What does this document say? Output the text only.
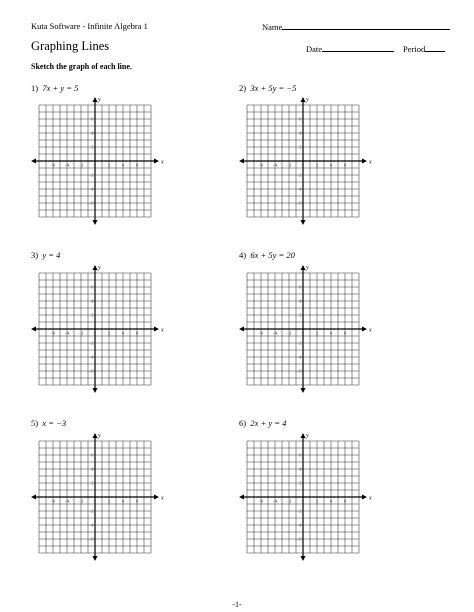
Kuta Software - Infinite Algebra 1	Name
Graphing Lines	Date	Period
Sketch the graph of each line.
1) 7x + y = 5	2) 3x + 5y = −5
3) y = 4	4) 6x + 5y = 20
5) x = −3	6) 2x + y = 4
x
y
−6 −4 −2	2	4	6
6
4
2
−2
−4
−6
x
y
−6 −4 −2	2	4	6
6
4
2
−2
−4
−6
x
y
−6 −4 −2	2	4	6
6
4
2
−2
−4
−6
x
y
−6 −4 −2	2	4	6
6
4
2
−2
−4
−6
x
y
−6 −4 −2	2	4	6
6
4
2
−2
−4
−6
x
y
−6 −4 −2	2	4	6
6
4
2
−2
−4
−6
-1-
